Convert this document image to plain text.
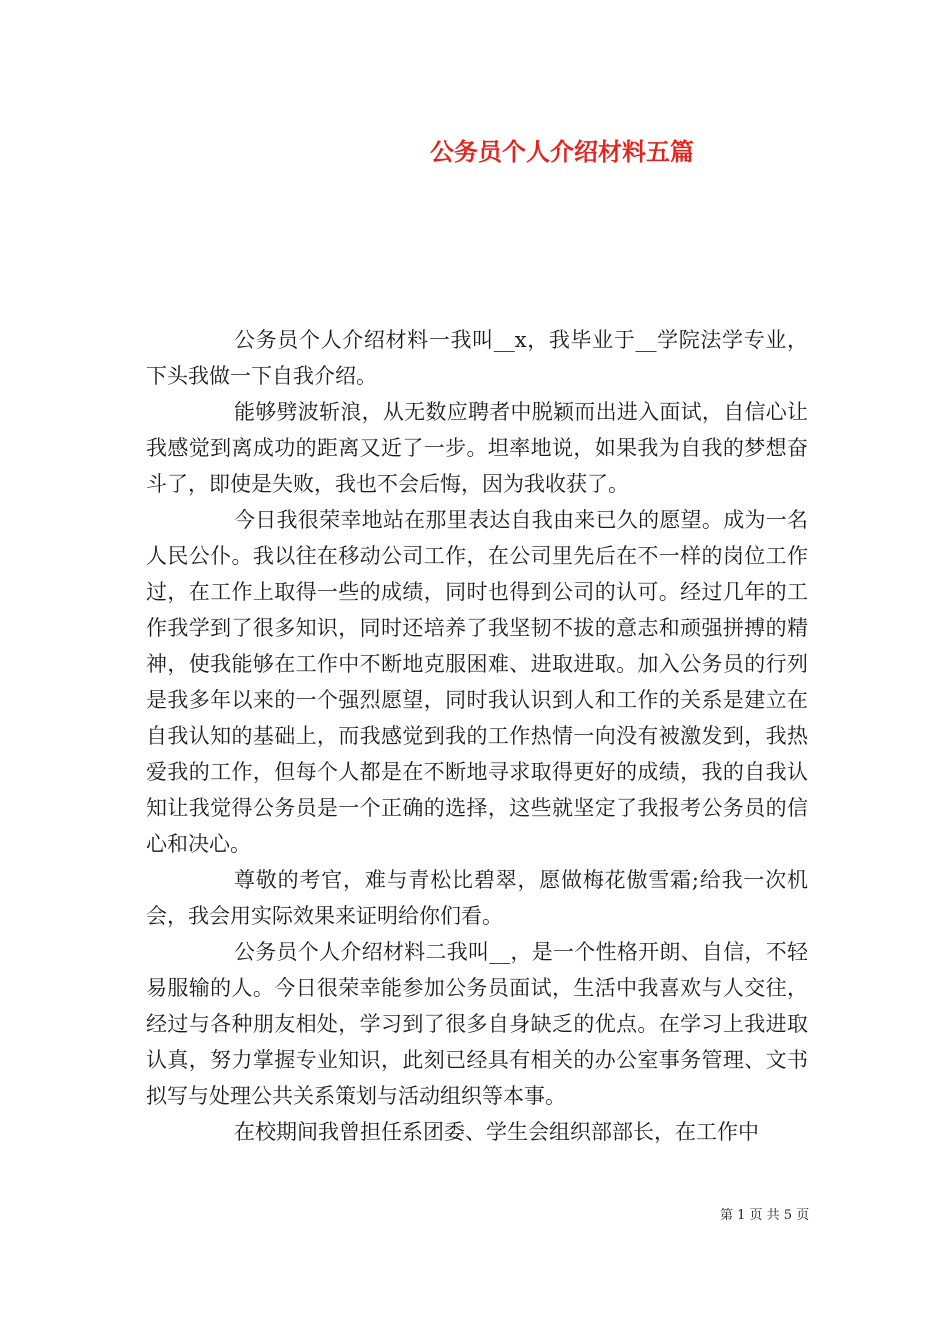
公务员个人介绍材料五篇

公务员个人介绍材料一我叫__x，我毕业于__学院法学专业，下头我做一下自我介绍。

能够劈波斩浪，从无数应聘者中脱颖而出进入面试，自信心让我感觉到离成功的距离又近了一步。坦率地说，如果我为自我的梦想奋斗了，即使是失败，我也不会后悔，因为我收获了。

今日我很荣幸地站在那里表达自我由来已久的愿望。成为一名人民公仆。我以往在移动公司工作，在公司里先后在不一样的岗位工作过，在工作上取得一些的成绩，同时也得到公司的认可。经过几年的工作我学到了很多知识，同时还培养了我坚韧不拔的意志和顽强拼搏的精神，使我能够在工作中不断地克服困难、进取进取。加入公务员的行列是我多年以来的一个强烈愿望，同时我认识到人和工作的关系是建立在自我认知的基础上，而我感觉到我的工作热情一向没有被激发到，我热爱我的工作，但每个人都是在不断地寻求取得更好的成绩，我的自我认知让我觉得公务员是一个正确的选择，这些就坚定了我报考公务员的信心和决心。

尊敬的考官，难与青松比碧翠，愿做梅花傲雪霜;给我一次机会，我会用实际效果来证明给你们看。

公务员个人介绍材料二我叫__，是一个性格开朗、自信，不轻易服输的人。今日很荣幸能参加公务员面试，生活中我喜欢与人交往，经过与各种朋友相处，学习到了很多自身缺乏的优点。在学习上我进取认真，努力掌握专业知识，此刻已经具有相关的办公室事务管理、文书拟写与处理公共关系策划与活动组织等本事。

在校期间我曾担任系团委、学生会组织部部长，在工作中

第 1 页 共 5 页
